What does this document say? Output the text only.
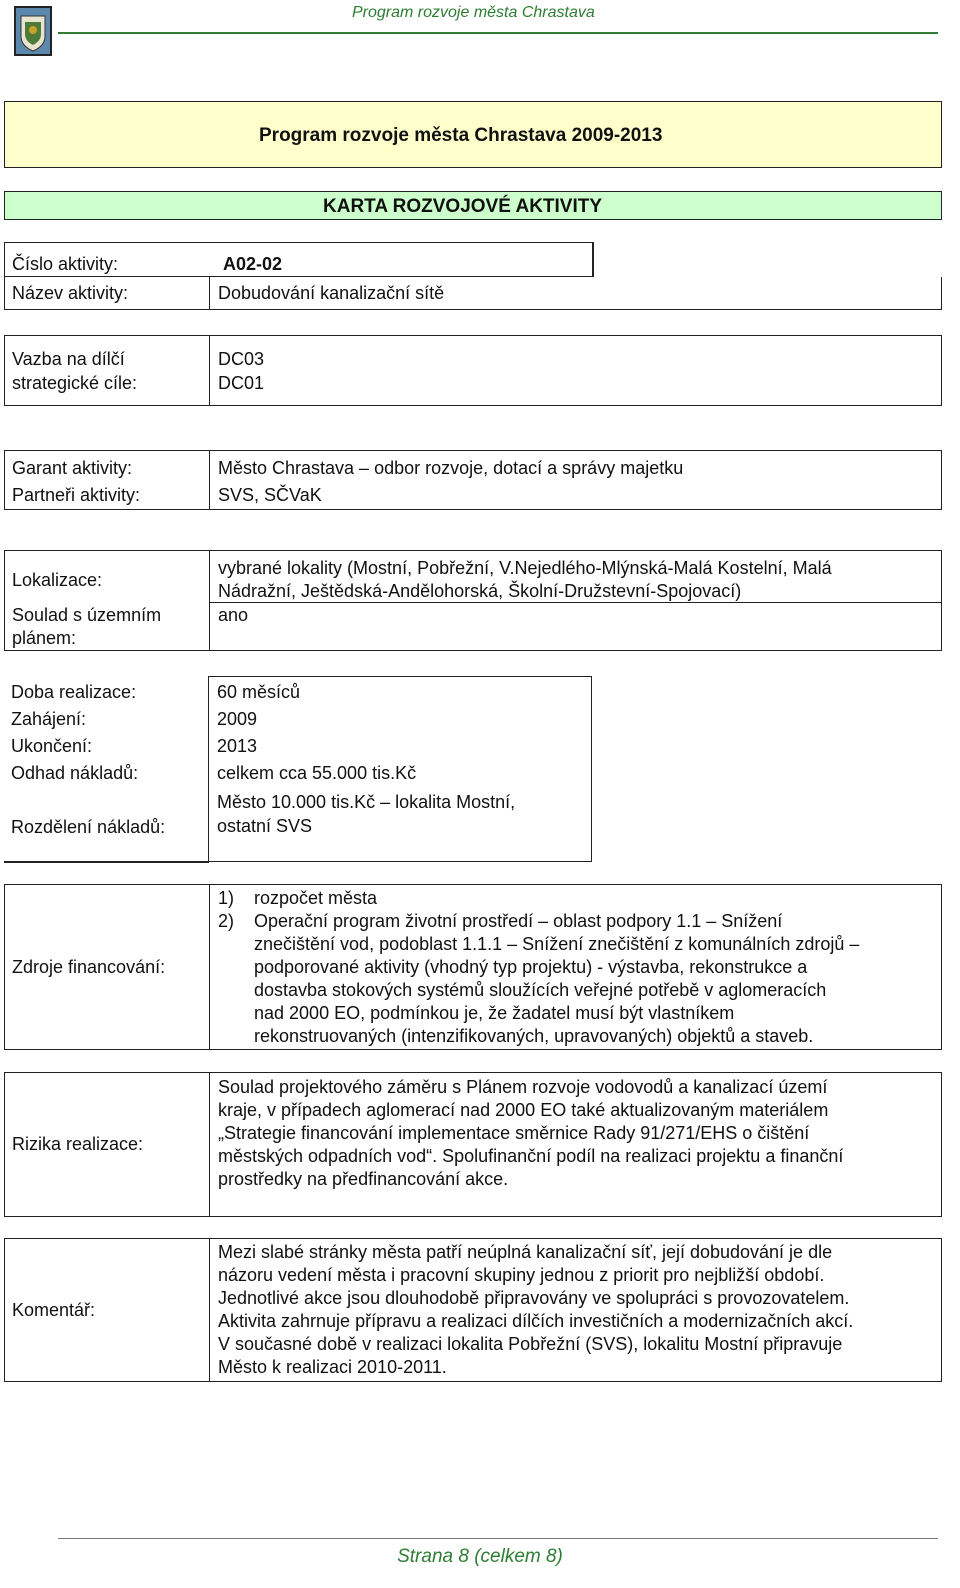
Program rozvoje města Chrastava
Program rozvoje města Chrastava 2009-2013
KARTA ROZVOJOVÉ AKTIVITY
Číslo aktivity:	A02-02
Název aktivity:	Dobudování kanalizační sítě
Vazba na dílčí
strategické cíle:
DC03
DC01
Garant aktivity:	Město Chrastava – odbor rozvoje, dotací a správy majetku
Partneři aktivity:	SVS, SČVaK
Lokalizace:
vybrané lokality (Mostní, Pobřežní, V.Nejedlého-Mlýnská-Malá Kostelní, Malá
Nádražní, Ještědská-Andělohorská, Školní-Družstevní-Spojovací)
Soulad s územním
plánem:
ano
Doba realizace:	60 měsíců
Zahájení:	2009
Ukončení:	2013
Odhad nákladů:	celkem cca 55.000 tis.Kč
Rozdělení nákladů:
Město 10.000 tis.Kč – lokalita Mostní,
ostatní SVS
Zdroje financování:
1) rozpočet města
2) Operační program životní prostředí – oblast podpory 1.1 – Snížení
znečištění vod, podoblast 1.1.1 – Snížení znečištění z komunálních zdrojů –
podporované aktivity (vhodný typ projektu) - výstavba, rekonstrukce a
dostavba stokových systémů sloužících veřejné potřebě v aglomeracích
nad 2000 EO, podmínkou je, že žadatel musí být vlastníkem
rekonstruovaných (intenzifikovaných, upravovaných) objektů a staveb.
Rizika realizace:
Soulad projektového záměru s Plánem rozvoje vodovodů a kanalizací území
kraje, v případech aglomerací nad 2000 EO také aktualizovaným materiálem
„Strategie financování implementace směrnice Rady 91/271/EHS o čištění
městských odpadních vod“. Spolufinanční podíl na realizaci projektu a finanční
prostředky na předfinancování akce.
Komentář:
Mezi slabé stránky města patří neúplná kanalizační síť, její dobudování je dle
názoru vedení města i pracovní skupiny jednou z priorit pro nejbližší období.
Jednotlivé akce jsou dlouhodobě připravovány ve spolupráci s provozovatelem.
Aktivita zahrnuje přípravu a realizaci dílčích investičních a modernizačních akcí.
V současné době v realizaci lokalita Pobřežní (SVS), lokalitu Mostní připravuje
Město k realizaci 2010-2011.
Strana 8 (celkem 8)
